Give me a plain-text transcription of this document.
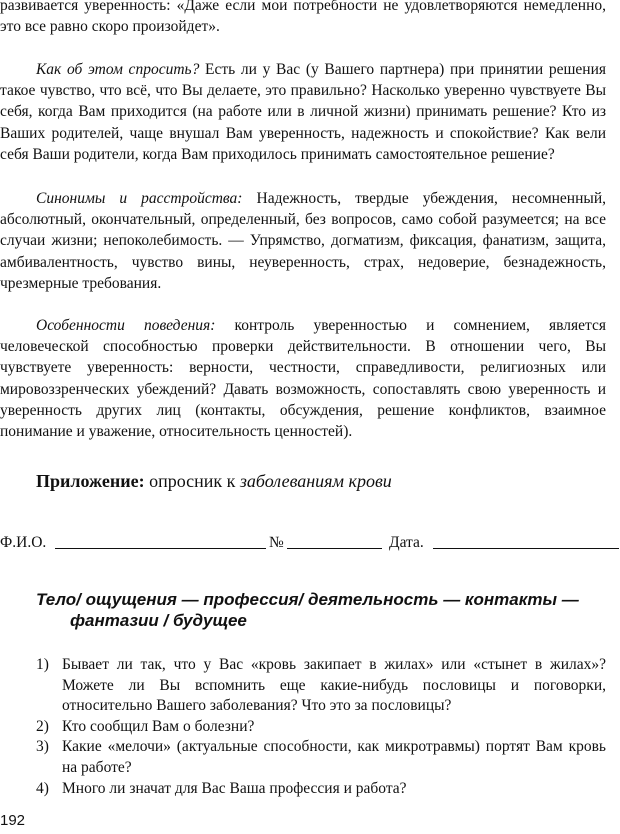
развивается уверенность: «Даже если мои потребности не удовлетворяются немедленно, это все равно скоро произойдет».

Как об этом спросить? Есть ли у Вас (у Вашего партнера) при принятии решения такое чувство, что всё, что Вы делаете, это правильно? Насколько уверенно чувствуете Вы себя, когда Вам приходится (на работе или в личной жизни) принимать решение? Кто из Ваших родителей, чаще внушал Вам уверенность, надежность и спокойствие? Как вели себя Ваши родители, когда Вам приходилось принимать самостоятельное решение?

Синонимы и расстройства: Надежность, твердые убеждения, несомненный, абсолютный, окончательный, определенный, без вопросов, само собой разумеется; на все случаи жизни; непоколебимость. — Упрямство, догматизм, фиксация, фанатизм, защита, амбивалентность, чувство вины, неуверенность, страх, недоверие, безнадежность, чрезмерные требования.

Особенности поведения: контроль уверенностью и сомнением, является человеческой способностью проверки действительности. В отношении чего, Вы чувствуете уверенность: верности, честности, справедливости, религиозных или мировоззренческих убеждений? Давать возможность, сопоставлять свою уверенность и уверенность других лиц (контакты, обсуждения, решение конфликтов, взаимное понимание и уважение, относительность ценностей).

Приложение: опросник к заболеваниям крови

Ф.И.О.	№	Дата.
Тело/ ощущения — профессия/ деятельность — контакты —
фантазии / будущее
1) Бывает ли так, что у Вас «кровь закипает в жилах» или «стынет в жилах»? Можете ли Вы вспомнить еще какие-нибудь пословицы и поговорки, относительно Вашего заболевания? Что это за пословицы?
2) Кто сообщил Вам о болезни?
3) Какие «мелочи» (актуальные способности, как микротравмы) портят Вам кровь на работе?
4) Много ли значат для Вас Ваша профессия и работа?
192
